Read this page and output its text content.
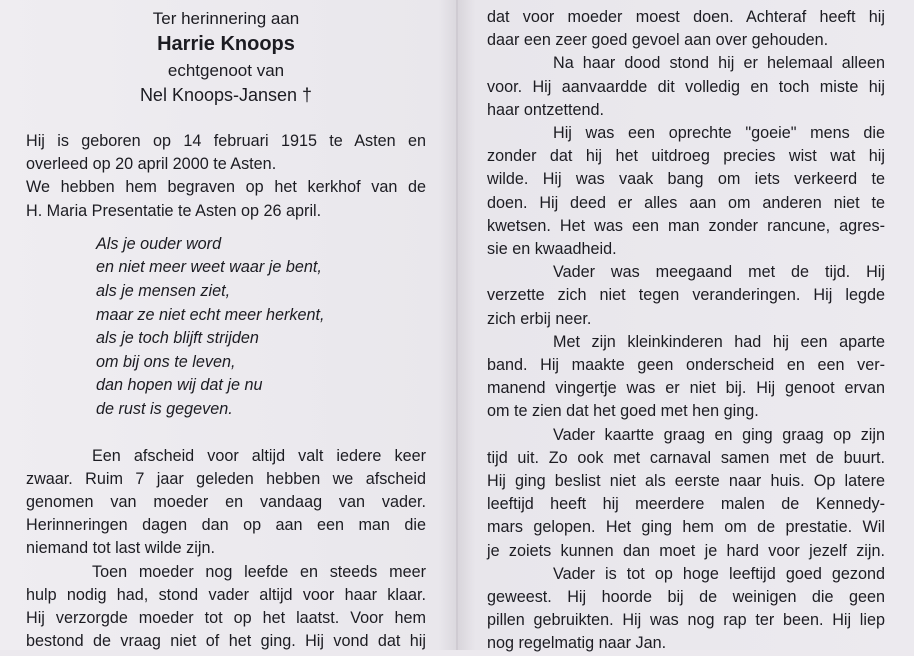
Ter herinnering aan
Harrie Knoops
echtgenoot van
Nel Knoops-Jansen †
Hij is geboren op 14 februari 1915 te Asten en
overleed op 20 april 2000 te Asten.
We hebben hem begraven op het kerkhof van de
H. Maria Presentatie te Asten op 26 april.
Als je ouder word
en niet meer weet waar je bent,
als je mensen ziet,
maar ze niet echt meer herkent,
als je toch blijft strijden
om bij ons te leven,
dan hopen wij dat je nu
de rust is gegeven.
Een afscheid voor altijd valt iedere keer
zwaar. Ruim 7 jaar geleden hebben we afscheid
genomen van moeder en vandaag van vader.
Herinneringen dagen dan op aan een man die
niemand tot last wilde zijn.
Toen moeder nog leefde en steeds meer
hulp nodig had, stond vader altijd voor haar klaar.
Hij verzorgde moeder tot op het laatst. Voor hem
bestond de vraag niet of het ging. Hij vond dat hij
dat voor moeder moest doen. Achteraf heeft hij
daar een zeer goed gevoel aan over gehouden.
Na haar dood stond hij er helemaal alleen
voor. Hij aanvaardde dit volledig en toch miste hij
haar ontzettend.
Hij was een oprechte "goeie" mens die
zonder dat hij het uitdroeg precies wist wat hij
wilde. Hij was vaak bang om iets verkeerd te
doen. Hij deed er alles aan om anderen niet te
kwetsen. Het was een man zonder rancune, agres-
sie en kwaadheid.
Vader was meegaand met de tijd. Hij
verzette zich niet tegen veranderingen. Hij legde
zich erbij neer.
Met zijn kleinkinderen had hij een aparte
band. Hij maakte geen onderscheid en een ver-
manend vingertje was er niet bij. Hij genoot ervan
om te zien dat het goed met hen ging.
Vader kaartte graag en ging graag op zijn
tijd uit. Zo ook met carnaval samen met de buurt.
Hij ging beslist niet als eerste naar huis. Op latere
leeftijd heeft hij meerdere malen de Kennedy-
mars gelopen. Het ging hem om de prestatie. Wil
je zoiets kunnen dan moet je hard voor jezelf zijn.
Vader is tot op hoge leeftijd goed gezond
geweest. Hij hoorde bij de weinigen die geen
pillen gebruikten. Hij was nog rap ter been. Hij liep
nog regelmatig naar Jan.
